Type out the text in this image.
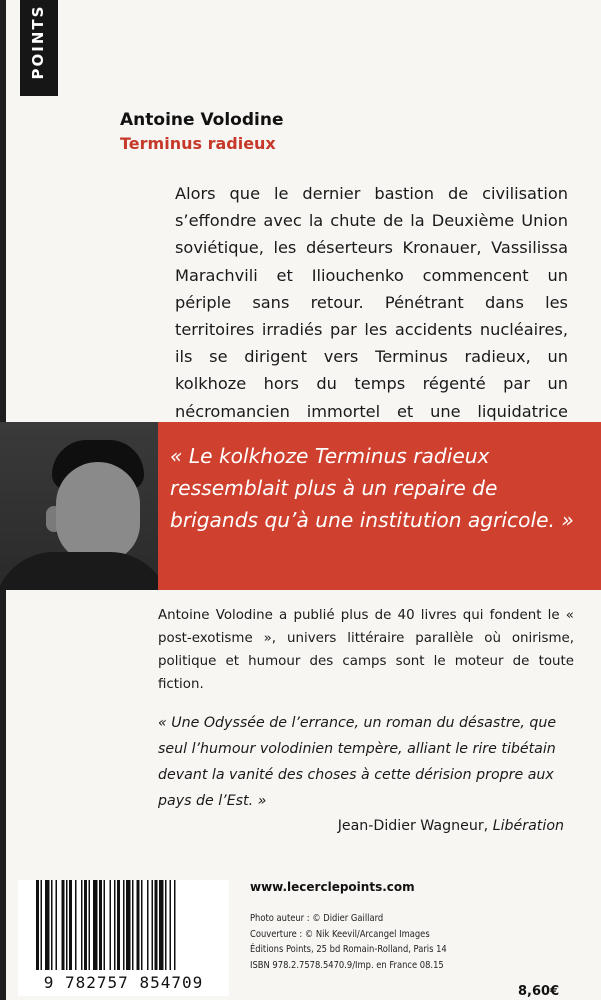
POINTS
Antoine Volodine
Terminus radieux

Alors que le dernier bastion de civilisation s’effondre avec la chute de la Deuxième Union soviétique, les déserteurs Kronauer, Vassilissa Marachvili et Iliouchenko commencent un périple sans retour. Pénétrant dans les territoires irradiés par les accidents nucléaires, ils se dirigent vers Terminus radieux, un kolkhoze hors du temps régenté par un nécromancien immortel et une liquidatrice

« Le kolkhoze Terminus radieux ressemblait plus à un repaire de brigands qu’à une institution agricole. »

Antoine Volodine a publié plus de 40 livres qui fondent le « post-exotisme », univers littéraire parallèle où onirisme, politique et humour des camps sont le moteur de toute fiction.

« Une Odyssée de l’errance, un roman du désastre, que seul l’humour volodinien tempère, alliant le rire tibétain devant la vanité des choses à cette dérision propre aux pays de l’Est. »

Jean-Didier Wagneur, Libération
9 782757 854709
www.lecerclepoints.com
Photo auteur : © Didier Gaillard
Couverture : © Nik Keevil/Arcangel Images
Éditions Points, 25 bd Romain-Rolland, Paris 14
ISBN 978.2.7578.5470.9/Imp. en France 08.15
8,60€
